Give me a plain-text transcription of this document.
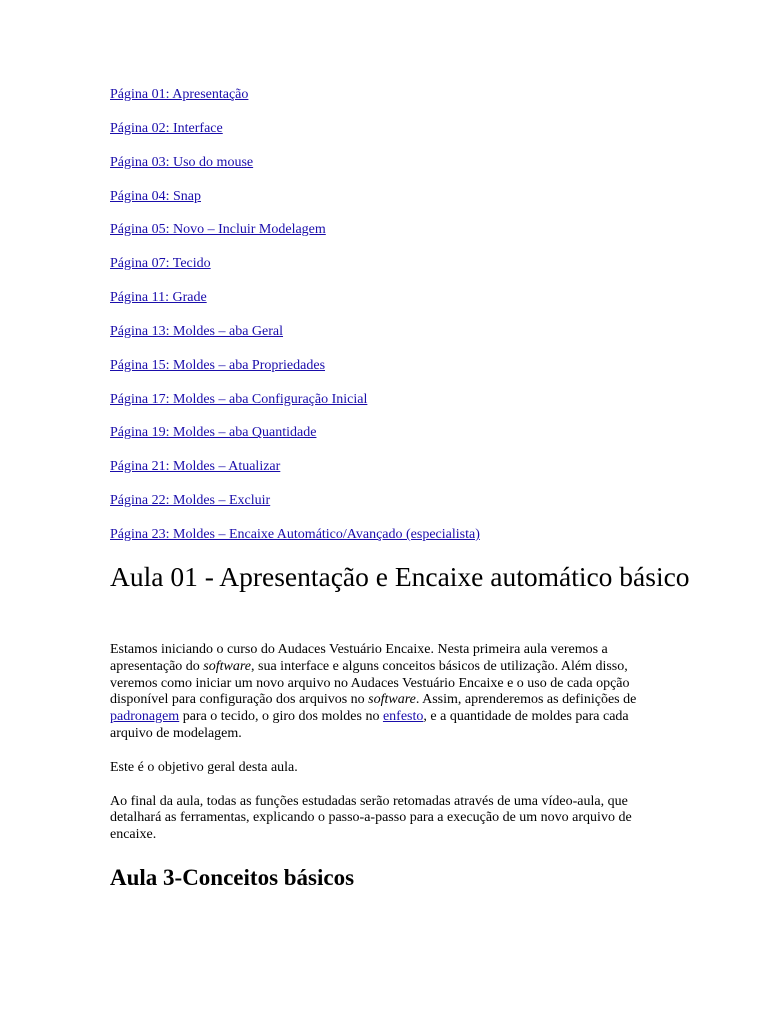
Página 01: Apresentação
Página 02: Interface
Página 03: Uso do mouse
Página 04: Snap
Página 05: Novo – Incluir Modelagem
Página 07: Tecido
Página 11: Grade
Página 13: Moldes – aba Geral
Página 15: Moldes – aba Propriedades
Página 17: Moldes – aba Configuração Inicial
Página 19: Moldes – aba Quantidade
Página 21: Moldes – Atualizar
Página 22: Moldes – Excluir
Página 23: Moldes – Encaixe Automático/Avançado (especialista)
Aula 01 - Apresentação e Encaixe automático básico

Estamos iniciando o curso do Audaces Vestuário Encaixe. Nesta primeira aula veremos a apresentação do software, sua interface e alguns conceitos básicos de utilização. Além disso, veremos como iniciar um novo arquivo no Audaces Vestuário Encaixe e o uso de cada opção disponível para configuração dos arquivos no software. Assim, aprenderemos as definições de padronagem para o tecido, o giro dos moldes no enfesto, e a quantidade de moldes para cada arquivo de modelagem.

Este é o objetivo geral desta aula.

Ao final da aula, todas as funções estudadas serão retomadas através de uma vídeo-aula, que detalhará as ferramentas, explicando o passo-a-passo para a execução de um novo arquivo de encaixe.

Aula 3-Conceitos básicos
